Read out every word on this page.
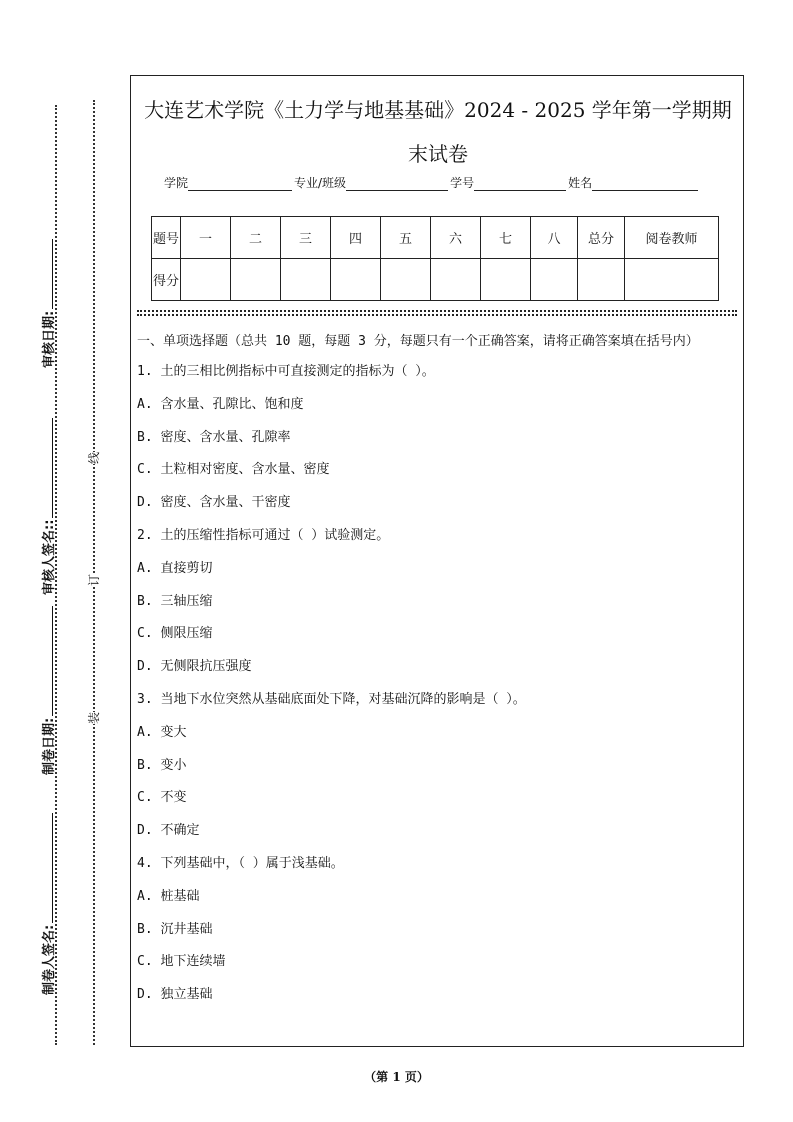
审核日期:
审核人签名::
制卷日期:
制卷人签名:
线
订
装
大连艺术学院《土力学与地基基础》2024 - 2025 学年第一学期期
末试卷
学院	专业/班级	学号	姓名
题号	一	二	三	四	五	六	七	八	总分	阅卷教师
得分										

一、单项选择题（总共 10 题，每题 3 分，每题只有一个正确答案，请将正确答案填在括号内）

1. 土的三相比例指标中可直接测定的指标为（ ）。

A. 含水量、孔隙比、饱和度

B. 密度、含水量、孔隙率

C. 土粒相对密度、含水量、密度

D. 密度、含水量、干密度

2. 土的压缩性指标可通过（ ）试验测定。

A. 直接剪切

B. 三轴压缩

C. 侧限压缩

D. 无侧限抗压强度

3. 当地下水位突然从基础底面处下降，对基础沉降的影响是（ ）。

A. 变大

B. 变小

C. 不变

D. 不确定

4. 下列基础中，（ ）属于浅基础。

A. 桩基础

B. 沉井基础

C. 地下连续墙

D. 独立基础

（第 1 页）
